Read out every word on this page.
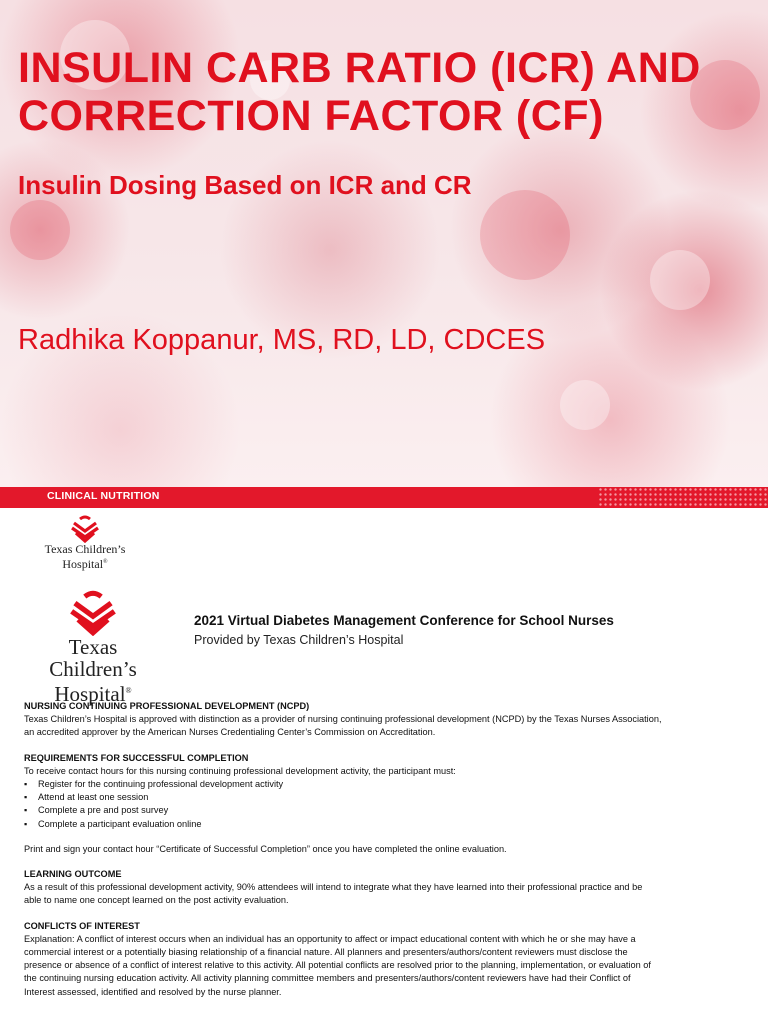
INSULIN CARB RATIO (ICR) AND
CORRECTION FACTOR (CF)
Insulin Dosing Based on ICR and CR

Radhika Koppanur, MS, RD, LD, CDCES

CLINICAL NUTRITION
Texas Children’s
Hospital®
Texas Children’s
Hospital®

2021 Virtual Diabetes Management Conference for School Nurses

Provided by Texas Children’s Hospital

NURSING CONTINUING PROFESSIONAL DEVELOPMENT (NCPD)

Texas Children’s Hospital is approved with distinction as a provider of nursing continuing professional development (NCPD) by the Texas Nurses Association,

an accredited approver by the American Nurses Credentialing Center’s Commission on Accreditation.

REQUIREMENTS FOR SUCCESSFUL COMPLETION

To receive contact hours for this nursing continuing professional development activity, the participant must:

▪ Register for the continuing professional development activity
▪ Attend at least one session
▪ Complete a pre and post survey
▪ Complete a participant evaluation online

Print and sign your contact hour “Certificate of Successful Completion” once you have completed the online evaluation.

LEARNING OUTCOME

As a result of this professional development activity, 90% attendees will intend to integrate what they have learned into their professional practice and be

able to name one concept learned on the post activity evaluation.

CONFLICTS OF INTEREST

Explanation: A conflict of interest occurs when an individual has an opportunity to affect or impact educational content with which he or she may have a

commercial interest or a potentially biasing relationship of a financial nature. All planners and presenters/authors/content reviewers must disclose the

presence or absence of a conflict of interest relative to this activity. All potential conflicts are resolved prior to the planning, implementation, or evaluation of

the continuing nursing education activity. All activity planning committee members and presenters/authors/content reviewers have had their Conflict of

Interest assessed, identified and resolved by the nurse planner.
